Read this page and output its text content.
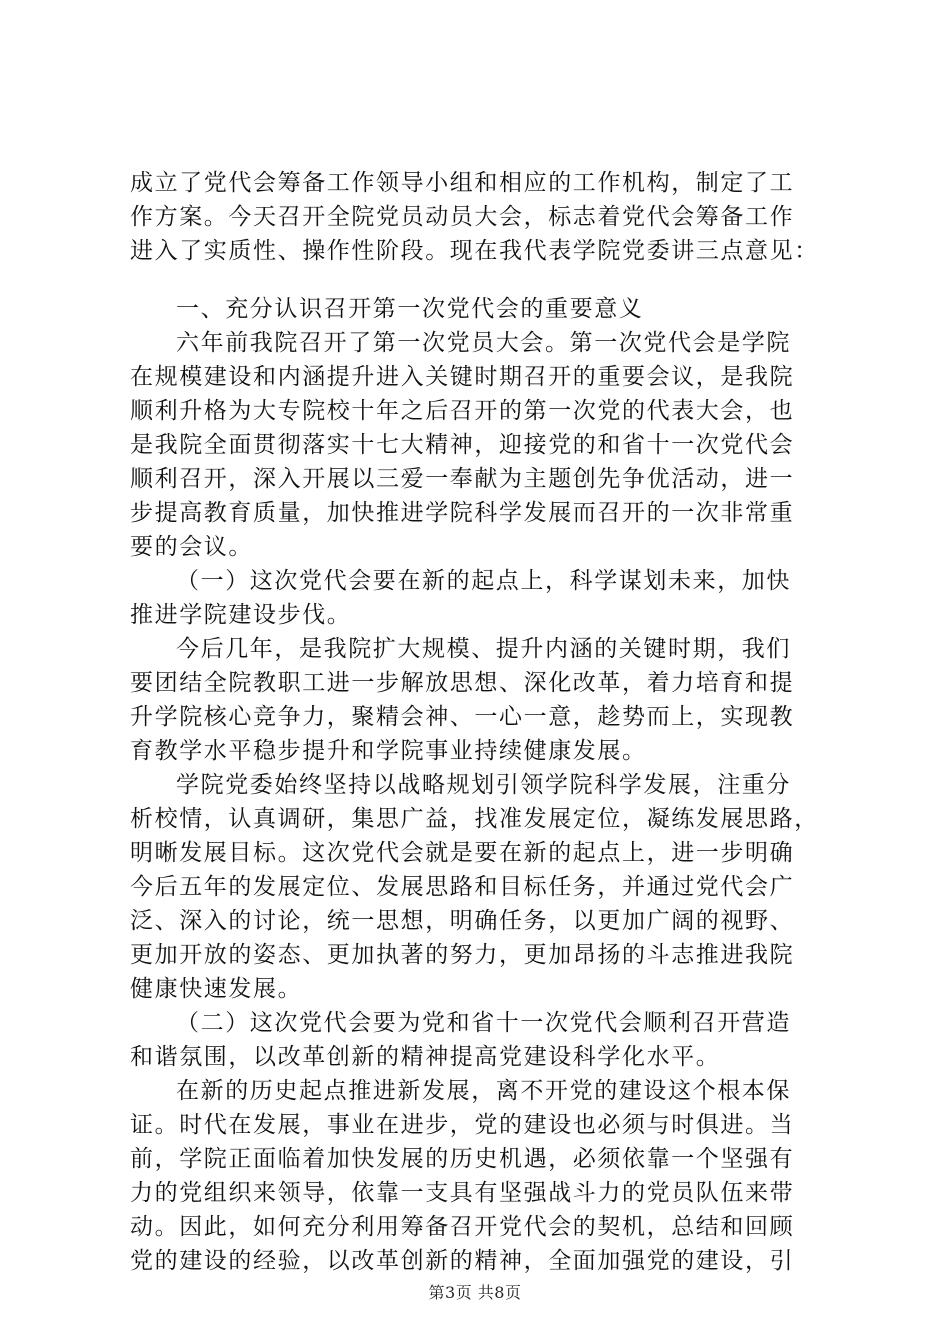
成立了党代会筹备工作领导小组和相应的工作机构，制定了工
作方案。今天召开全院党员动员大会，标志着党代会筹备工作
进入了实质性、操作性阶段。现在我代表学院党委讲三点意见：
一、充分认识召开第一次党代会的重要意义
六年前我院召开了第一次党员大会。第一次党代会是学院
在规模建设和内涵提升进入关键时期召开的重要会议，是我院
顺利升格为大专院校十年之后召开的第一次党的代表大会，也
是我院全面贯彻落实十七大精神，迎接党的和省十一次党代会
顺利召开，深入开展以三爱一奉献为主题创先争优活动，进一
步提高教育质量，加快推进学院科学发展而召开的一次非常重
要的会议。
（一）这次党代会要在新的起点上，科学谋划未来，加快
推进学院建设步伐。
今后几年，是我院扩大规模、提升内涵的关键时期，我们
要团结全院教职工进一步解放思想、深化改革，着力培育和提
升学院核心竞争力，聚精会神、一心一意，趁势而上，实现教
育教学水平稳步提升和学院事业持续健康发展。
学院党委始终坚持以战略规划引领学院科学发展，注重分
析校情，认真调研，集思广益，找准发展定位，凝练发展思路，
明晰发展目标。这次党代会就是要在新的起点上，进一步明确
今后五年的发展定位、发展思路和目标任务，并通过党代会广
泛、深入的讨论，统一思想，明确任务，以更加广阔的视野、
更加开放的姿态、更加执著的努力，更加昂扬的斗志推进我院
健康快速发展。
（二）这次党代会要为党和省十一次党代会顺利召开营造
和谐氛围，以改革创新的精神提高党建设科学化水平。
在新的历史起点推进新发展，离不开党的建设这个根本保
证。时代在发展，事业在进步，党的建设也必须与时俱进。当
前，学院正面临着加快发展的历史机遇，必须依靠一个坚强有
力的党组织来领导，依靠一支具有坚强战斗力的党员队伍来带
动。因此，如何充分利用筹备召开党代会的契机，总结和回顾
党的建设的经验，以改革创新的精神，全面加强党的建设，引
第3页 共8页
